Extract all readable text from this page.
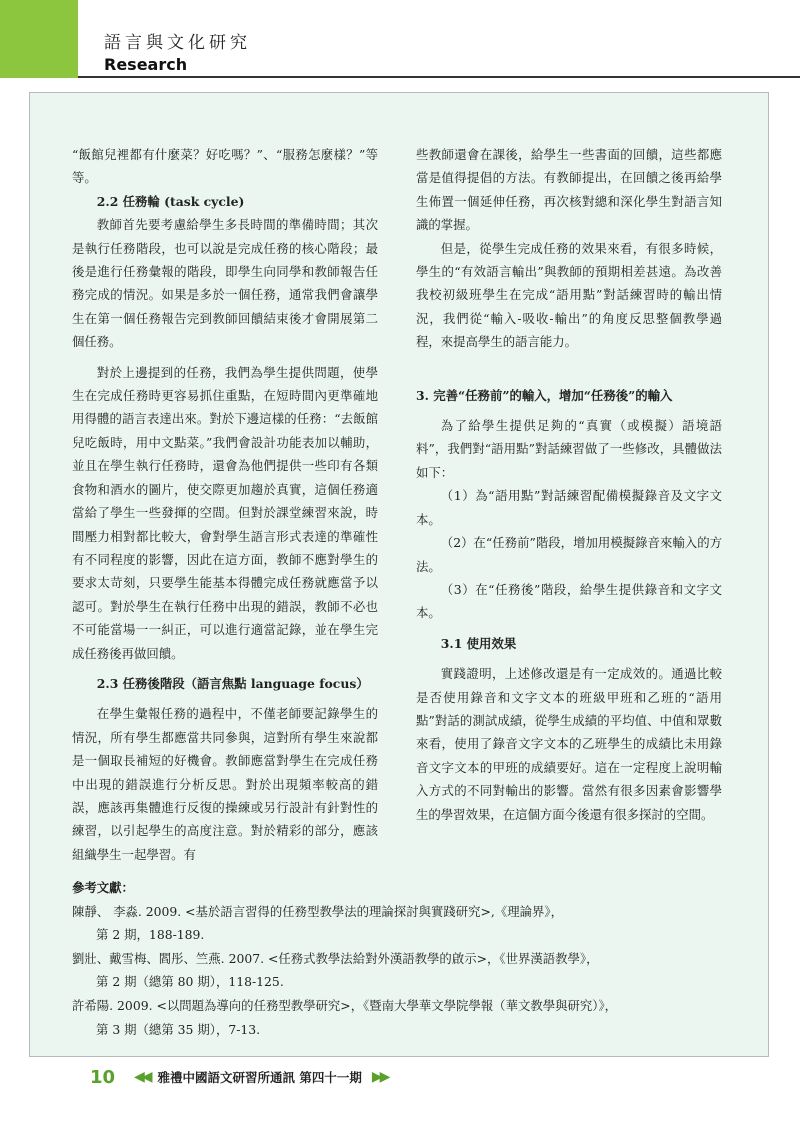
語言與文化研究
Research

“飯館兒裡都有什麼菜？好吃嗎？”、“服務怎麼樣？”等等。

2.2 任務輪 (task cycle)

教師首先要考慮給學生多長時間的準備時間；其次是執行任務階段，也可以說是完成任務的核心階段；最後是進行任務彙報的階段，即學生向同學和教師報告任務完成的情況。如果是多於一個任務，通常我們會讓學生在第一個任務報告完到教師回饋結束後才會開展第二個任務。

對於上邊提到的任務，我們為學生提供問題，使學生在完成任務時更容易抓住重點，在短時間內更準確地用得體的語言表達出來。對於下邊這樣的任務：“去飯館兒吃飯時，用中文點菜。”我們會設計功能表加以輔助，並且在學生執行任務時，還會為他們提供一些印有各類食物和酒水的圖片，使交際更加趨於真實，這個任務適當給了學生一些發揮的空間。但對於課堂練習來說，時間壓力相對都比較大，會對學生語言形式表達的準確性有不同程度的影響，因此在這方面，教師不應對學生的要求太苛刻，只要學生能基本得體完成任務就應當予以認可。對於學生在執行任務中出現的錯誤，教師不必也不可能當場一一糾正，可以進行適當記錄，並在學生完成任務後再做回饋。

2.3 任務後階段（語言焦點 language focus）

在學生彙報任務的過程中，不僅老師要記錄學生的情況，所有學生都應當共同參與，這對所有學生來說都是一個取長補短的好機會。教師應當對學生在完成任務中出現的錯誤進行分析反思。對於出現頻率較高的錯誤，應該再集體進行反復的操練或另行設計有針對性的練習，以引起學生的高度注意。對於精彩的部分，應該組織學生一起學習。有

些教師還會在課後，給學生一些書面的回饋，這些都應當是值得提倡的方法。有教師提出，在回饋之後再給學生佈置一個延伸任務，再次核對總和深化學生對語言知識的掌握。

但是，從學生完成任務的效果來看，有很多時候，學生的“有效語言輸出”與教師的預期相差甚遠。為改善我校初級班學生在完成“語用點”對話練習時的輸出情況，我們從“輸入-吸收-輸出”的角度反思整個教學過程，來提高學生的語言能力。

3. 完善“任務前”的輸入，增加“任務後”的輸入

為了給學生提供足夠的“真實（或模擬）語境語料”，我們對“語用點”對話練習做了一些修改，具體做法如下：

（1）為“語用點”對話練習配備模擬錄音及文字文本。

（2）在“任務前”階段，增加用模擬錄音來輸入的方法。

（3）在“任務後”階段，給學生提供錄音和文字文本。

3.1 使用效果

實踐證明，上述修改還是有一定成效的。通過比較是否使用錄音和文字文本的班級甲班和乙班的“語用點”對話的測試成績，從學生成績的平均值、中值和眾數來看，使用了錄音文字文本的乙班學生的成績比未用錄音文字文本的甲班的成績要好。這在一定程度上說明輸入方式的不同對輸出的影響。當然有很多因素會影響學生的學習效果，在這個方面今後還有很多探討的空間。

參考文獻：
陳靜、 李淼. 2009. <基於語言習得的任務型教學法的理論探討與實踐研究>,《理論界》，
第 2 期，188-189.
劉壯、戴雪梅、閻彤、竺燕. 2007. <任務式教學法給對外漢語教學的啟示>，《世界漢語教學》，
第 2 期（總第 80 期），118-125.
許希陽. 2009. <以問題為導向的任務型教學研究>，《暨南大學華文學院學報（華文教學與研究）》，
第 3 期（總第 35 期），7-13.
10	◀◀ 雅禮中國語文研習所通訊 第四十一期 ▶▶
